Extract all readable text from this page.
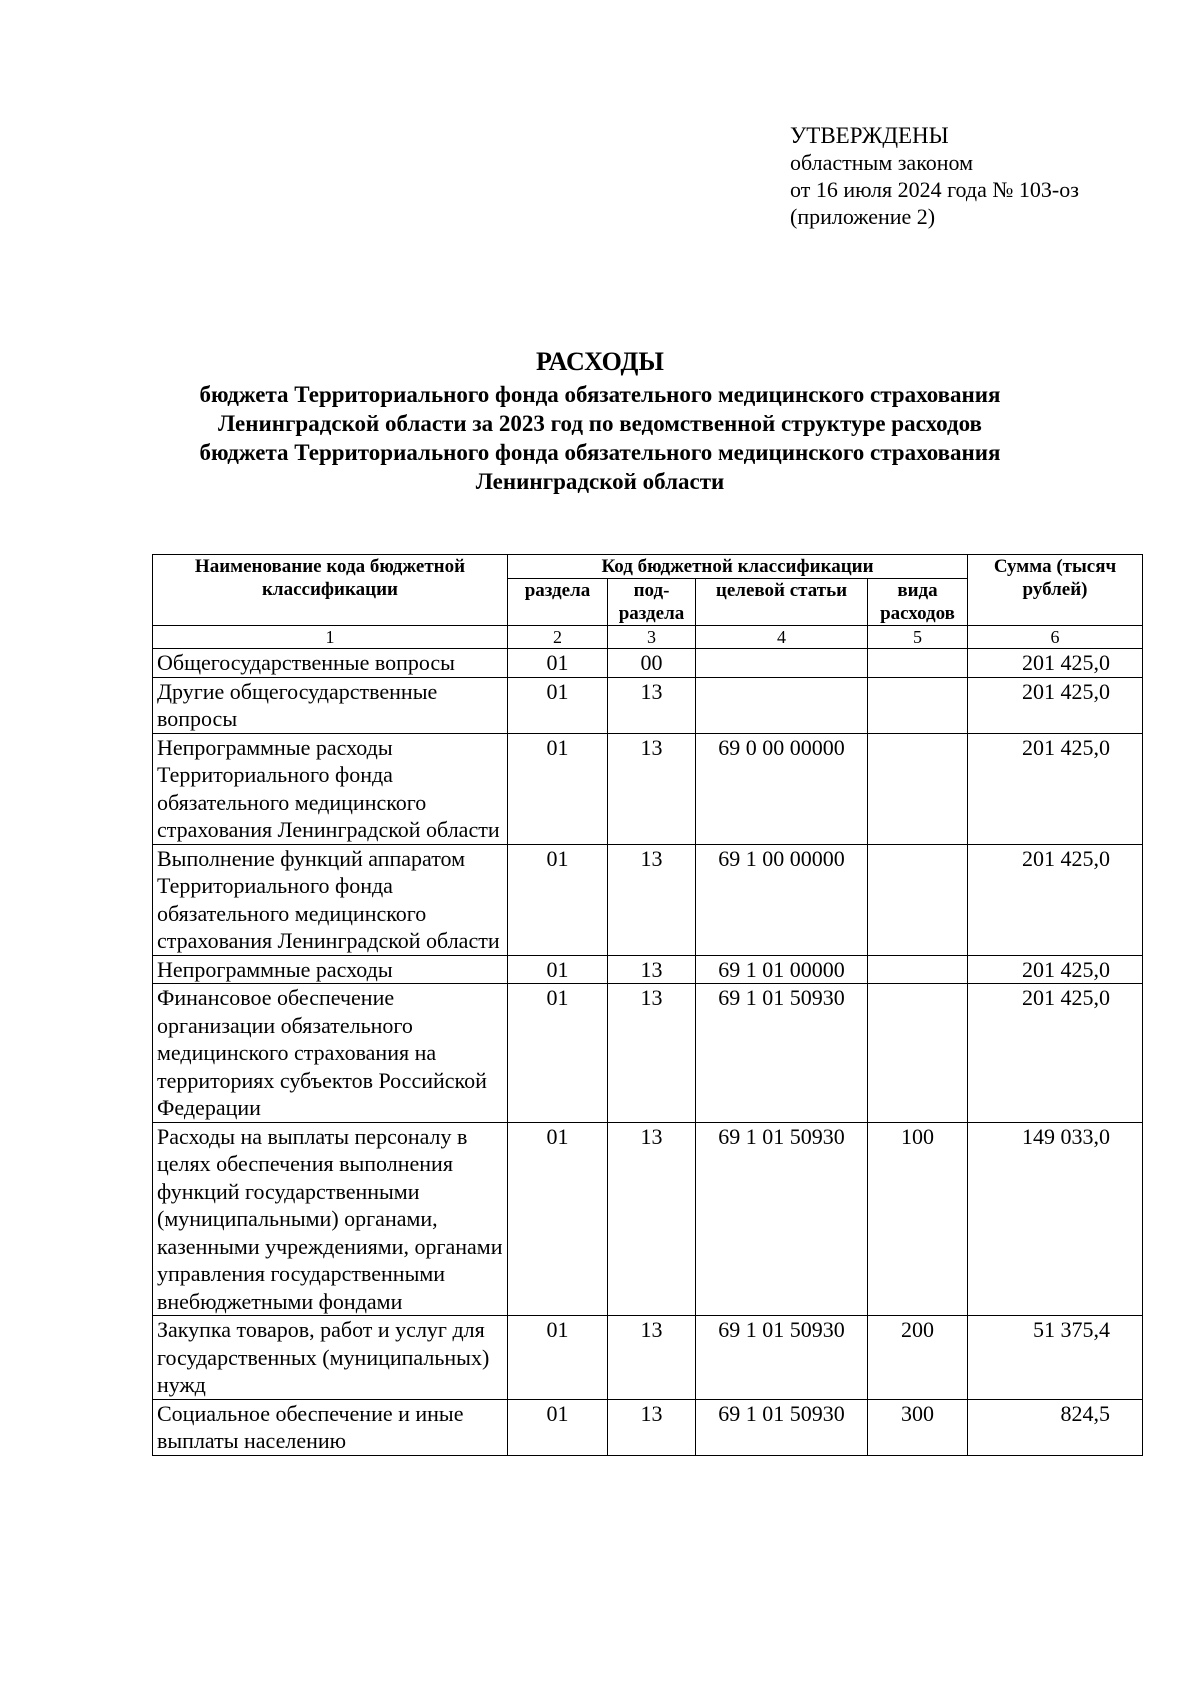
УТВЕРЖДЕНЫ
областным законом
от 16 июля 2024 года № 103-оз
(приложение 2)
РАСХОДЫ
бюджета Территориального фонда обязательного медицинского страхования
Ленинградской области за 2023 год по ведомственной структуре расходов
бюджета Территориального фонда обязательного медицинского страхования
Ленинградской области
Наименование кода бюджетной классификации	Код бюджетной классификации				Сумма (тысяч рублей)
	раздела	под-раздела	целевой статьи	вида расходов	
1	2	3	4	5	6
Общегосударственные вопросы	01	00			201 425,0
Другие общегосударственные вопросы	01	13			201 425,0
Непрограммные расходы Территориального фонда обязательного медицинского страхования Ленинградской области	01	13	69 0 00 00000		201 425,0
Выполнение функций аппаратом Территориального фонда обязательного медицинского страхования Ленинградской области	01	13	69 1 00 00000		201 425,0
Непрограммные расходы	01	13	69 1 01 00000		201 425,0
Финансовое обеспечение организации обязательного медицинского страхования на территориях субъектов Российской Федерации	01	13	69 1 01 50930		201 425,0
Расходы на выплаты персоналу в целях обеспечения выполнения функций государственными (муниципальными) органами, казенными учреждениями, органами управления государственными внебюджетными фондами	01	13	69 1 01 50930	100	149 033,0
Закупка товаров, работ и услуг для государственных (муниципальных) нужд	01	13	69 1 01 50930	200	51 375,4
Социальное обеспечение и иные выплаты населению	01	13	69 1 01 50930	300	824,5
